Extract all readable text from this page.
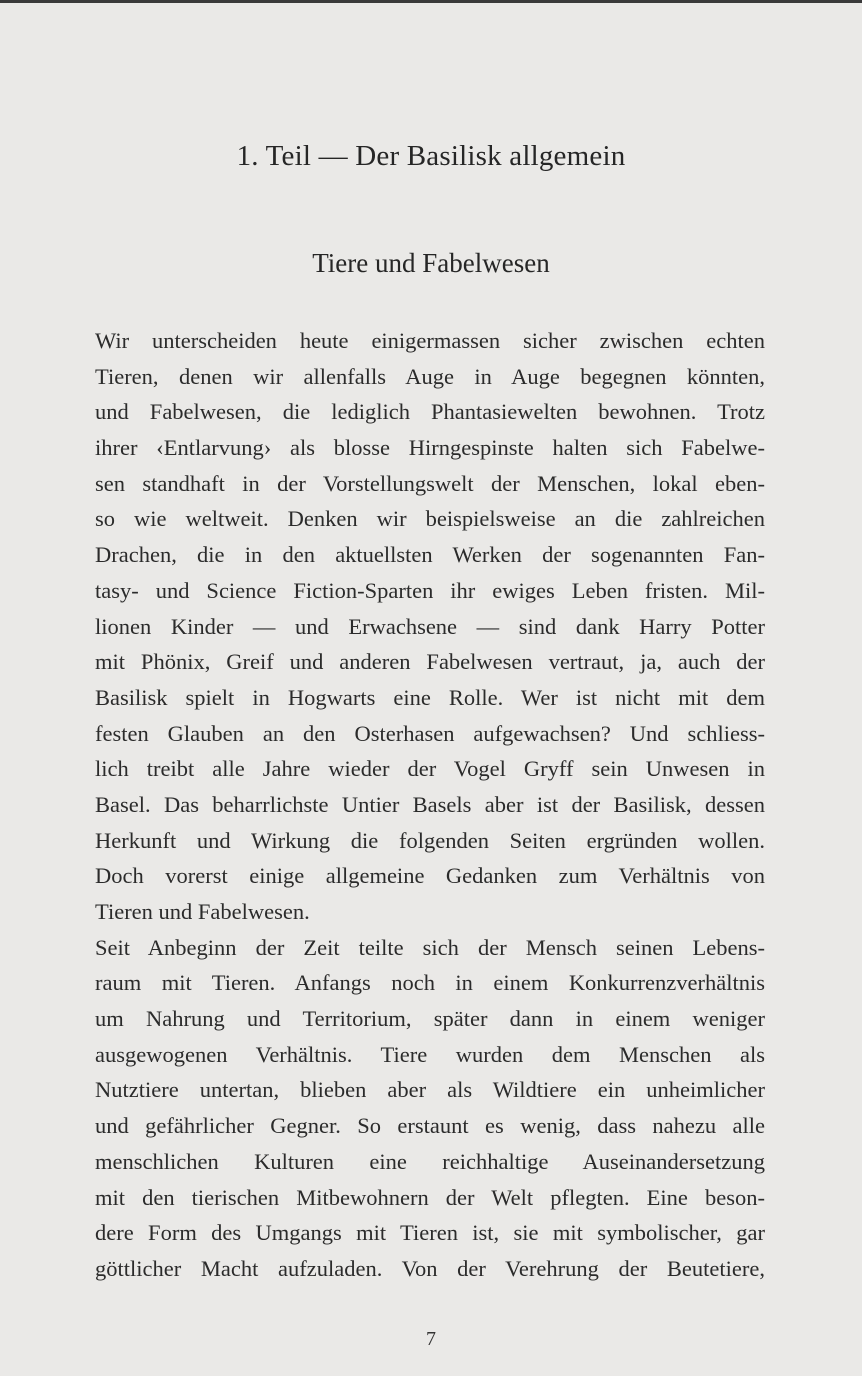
1. Teil — Der Basilisk allgemein
Tiere und Fabelwesen
Wir unterscheiden heute einigermassen sicher zwischen echten
Tieren, denen wir allenfalls Auge in Auge begegnen könnten,
und Fabelwesen, die lediglich Phantasiewelten bewohnen. Trotz
ihrer ‹Entlarvung› als blosse Hirngespinste halten sich Fabelwe-
sen standhaft in der Vorstellungswelt der Menschen, lokal eben-
so wie weltweit. Denken wir beispielsweise an die zahlreichen
Drachen, die in den aktuellsten Werken der sogenannten Fan-
tasy- und Science Fiction-Sparten ihr ewiges Leben fristen. Mil-
lionen Kinder — und Erwachsene — sind dank Harry Potter
mit Phönix, Greif und anderen Fabelwesen vertraut, ja, auch der
Basilisk spielt in Hogwarts eine Rolle. Wer ist nicht mit dem
festen Glauben an den Osterhasen aufgewachsen? Und schliess-
lich treibt alle Jahre wieder der Vogel Gryff sein Unwesen in
Basel. Das beharrlichste Untier Basels aber ist der Basilisk, dessen
Herkunft und Wirkung die folgenden Seiten ergründen wollen.
Doch vorerst einige allgemeine Gedanken zum Verhältnis von
Tieren und Fabelwesen.
Seit Anbeginn der Zeit teilte sich der Mensch seinen Lebens-
raum mit Tieren. Anfangs noch in einem Konkurrenzverhältnis
um Nahrung und Territorium, später dann in einem weniger
ausgewogenen Verhältnis. Tiere wurden dem Menschen als
Nutztiere untertan, blieben aber als Wildtiere ein unheimlicher
und gefährlicher Gegner. So erstaunt es wenig, dass nahezu alle
menschlichen Kulturen eine reichhaltige Auseinandersetzung
mit den tierischen Mitbewohnern der Welt pflegten. Eine beson-
dere Form des Umgangs mit Tieren ist, sie mit symbolischer, gar
göttlicher Macht aufzuladen. Von der Verehrung der Beutetiere,
7
